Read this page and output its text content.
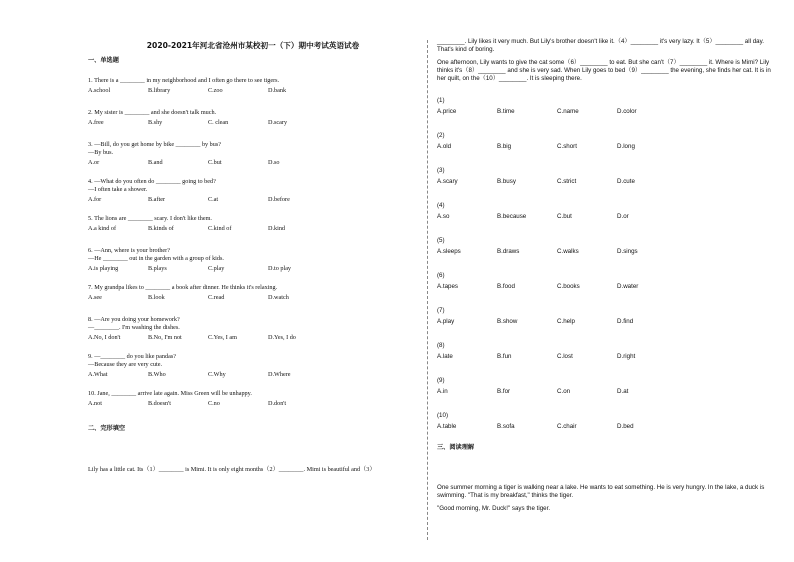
2020-2021年河北省沧州市某校初一（下）期中考试英语试卷
一、单选题
1. There is a ________ in my neighborhood and I often go there to see tigers.
A.school	B.library	C.zoo	D.bank
2. My sister is ________ and she doesn't talk much.
A.free	B.shy	C. clean	D.scary
3. —Bill, do you get home by bike ________ by bus?
—By bus.
A.or	B.and	C.but	D.so
4. —What do you often do ________ going to bed?
—I often take a shower.
A.for	B.after	C.at	D.before
5. The lions are ________ scary. I don't like them.
A.a kind of	B.kinds of	C.kind of	D.kind
6. —Ann, where is your brother?
—He ________ out in the garden with a group of kids.
A.is playing	B.plays	C.play	D.to play
7. My grandpa likes to ________ a book after dinner. He thinks it's relaxing.
A.see	B.look	C.read	D.watch
8. —Are you doing your homework?
—________. I'm washing the dishes.
A.No, I don't	B.No, I'm not	C.Yes, I am	D.Yes, I do
9. —________ do you like pandas?
—Because they are very cute.
A.What	B.Who	C.Why	D.Where
10. Jane, ________ arrive late again. Miss Green will be unhappy.
A.not	B.doesn't	C.no	D.don't
二、完形填空
Lily has a little cat. Its（1）________ is Mimi. It is only eight months（2）________. Mimi is beautiful and（3）
________. Lily likes it very much. But Lily's brother doesn't like it.（4）________ it's very lazy. It（5）________ all day. That's kind of boring.
One afternoon, Lily wants to give the cat some（6）________ to eat. But she can't（7）________ it. Where is Mimi? Lily thinks it's（8）________ and she is very sad. When Lily goes to bed（9）________ the evening, she finds her cat. It is in her quilt, on the（10）________. It is sleeping there.
(1)
A.price	B.time	C.name	D.color
(2)
A.old	B.big	C.short	D.long
(3)
A.scary	B.busy	C.strict	D.cute
(4)
A.so	B.because	C.but	D.or
(5)
A.sleeps	B.draws	C.walks	D.sings
(6)
A.tapes	B.food	C.books	D.water
(7)
A.play	B.show	C.help	D.find
(8)
A.late	B.fun	C.lost	D.right
(9)
A.in	B.for	C.on	D.at
(10)
A.table	B.sofa	C.chair	D.bed
三、阅读理解
One summer morning a tiger is walking near a lake. He wants to eat something. He is very hungry. In the lake, a duck is swimming. "That is my breakfast," thinks the tiger.
"Good morning, Mr. Duck!" says the tiger.
